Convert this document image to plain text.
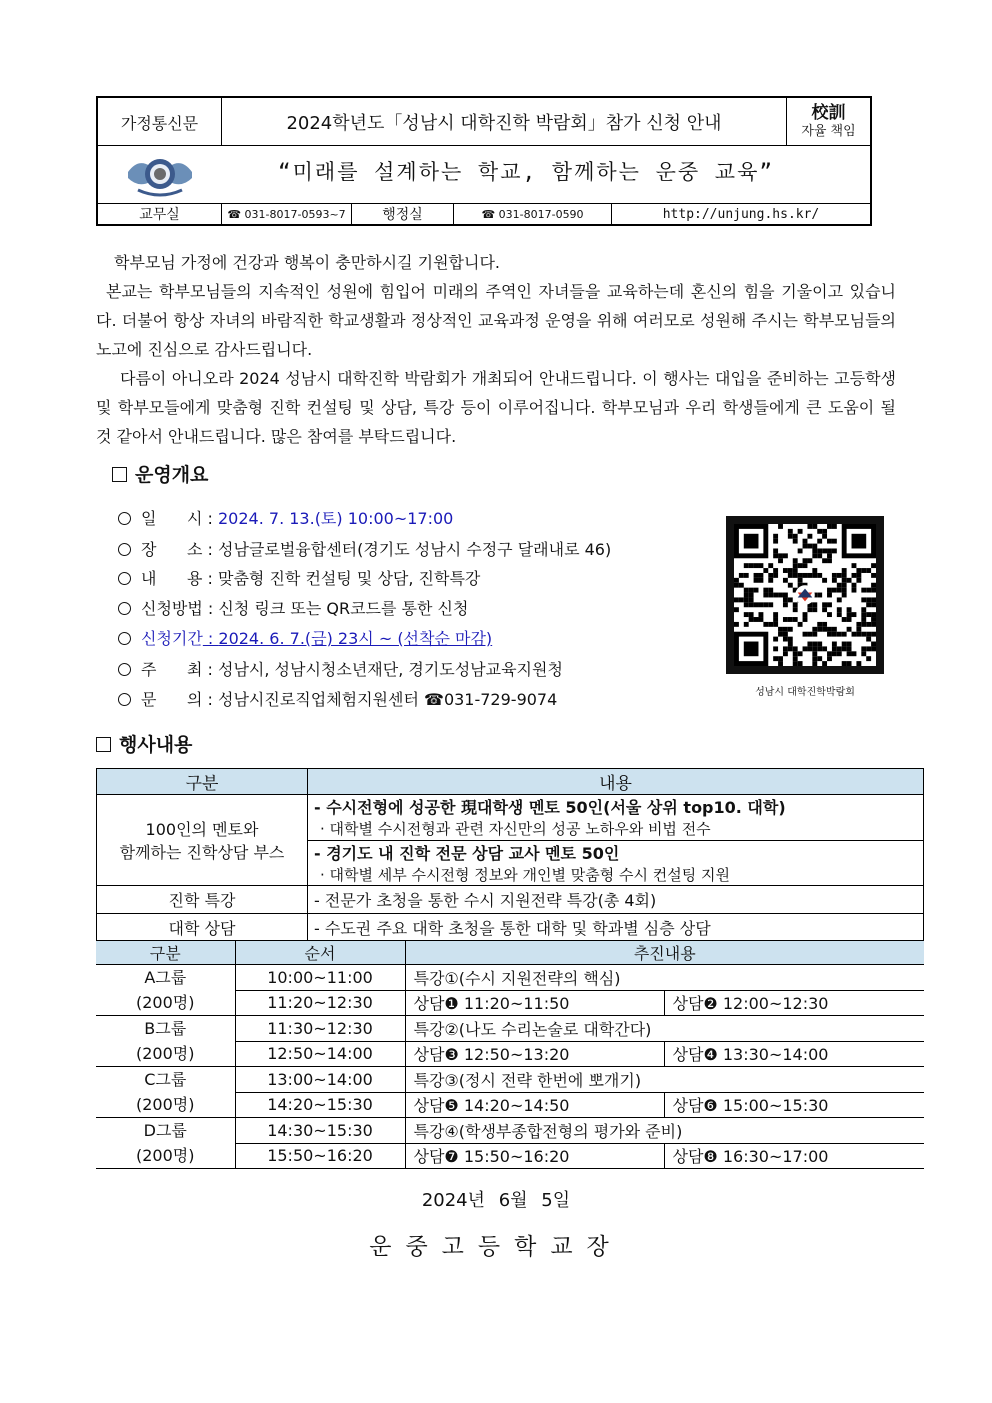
가정통신문	2024학년도「성남시 대학진학 박람회」참가 신청 안내	校訓
자율 책임
“미래를 설계하는 학교, 함께하는 운중 교육”
교무실	☎ 031-8017-0593~7	행정실	☎ 031-8017-0590	http://unjung.hs.kr/
학부모님 가정에 건강과 행복이 충만하시길 기원합니다.
본교는 학부모님들의 지속적인 성원에 힘입어 미래의 주역인 자녀들을 교육하는데 혼신의 힘을 기울이고 있습니다. 더불어 항상 자녀의 바람직한 학교생활과 정상적인 교육과정 운영을 위해 여러모로 성원해 주시는 학부모님들의 노고에 진심으로 감사드립니다.
다름이 아니오라 2024 성남시 대학진학 박람회가 개최되어 안내드립니다. 이 행사는 대입을 준비하는 고등학생 및 학부모들에게 맞춤형 진학 컨설팅 및 상담, 특강 등이 이루어집니다. 학부모님과 우리 학생들에게 큰 도움이 될 것 같아서 안내드립니다. 많은 참여를 부탁드립니다.
운영개요
일      시 : 2024. 7. 13.(토) 10:00~17:00
장      소 : 성남글로벌융합센터(경기도 성남시 수정구 달래내로 46)
내      용 : 맞춤형 진학 컨설팅 및 상담, 진학특강
신청방법 : 신청 링크 또는 QR코드를 통한 신청
신청기간 : 2024. 6. 7.(금) 23시 ~ (선착순 마감)
주      최 : 성남시, 성남시청소년재단, 경기도성남교육지원청
문      의 : 성남시진로직업체험지원센터 ☎031-729-9074	성남시 대학진학박람회
행사내용
구분	내용

100인의 멘토와
함께하는 진학상담 부스	- 수시전형에 성공한 現대학생 멘토 50인(서울 상위 top10. 대학)
	· 대학별 수시전형과 관련 자신만의 성공 노하우와 비법 전수
	- 경기도 내 진학 전문 상담 교사 멘토 50인
	· 대학별 세부 수시전형 정보와 개인별 맞춤형 수시 컨설팅 지원
진학 특강	- 전문가 초청을 통한 수시 지원전략 특강(총 4회)
대학 상담	- 수도권 주요 대학 초청을 통한 대학 및 학과별 심층 상담
구분	순서	추진내용	

A그룹
(200명)	10:00~11:00	특강①(수시 지원전략의 핵심)	
	11:20~12:30	상담❶ 11:20~11:50	상담❷ 12:00~12:30

B그룹
(200명)	11:30~12:30	특강②(나도 수리논술로 대학간다)	
	12:50~14:00	상담❸ 12:50~13:20	상담❹ 13:30~14:00

C그룹
(200명)	13:00~14:00	특강③(정시 전략 한번에 뽀개기)	
	14:20~15:30	상담❺ 14:20~14:50	상담❻ 15:00~15:30

D그룹
(200명)	14:30~15:30	특강④(학생부종합전형의 평가와 준비)	
	15:50~16:20	상담❼ 15:50~16:20	상담❽ 16:30~17:00
2024년 6월 5일
운중고등학교장
